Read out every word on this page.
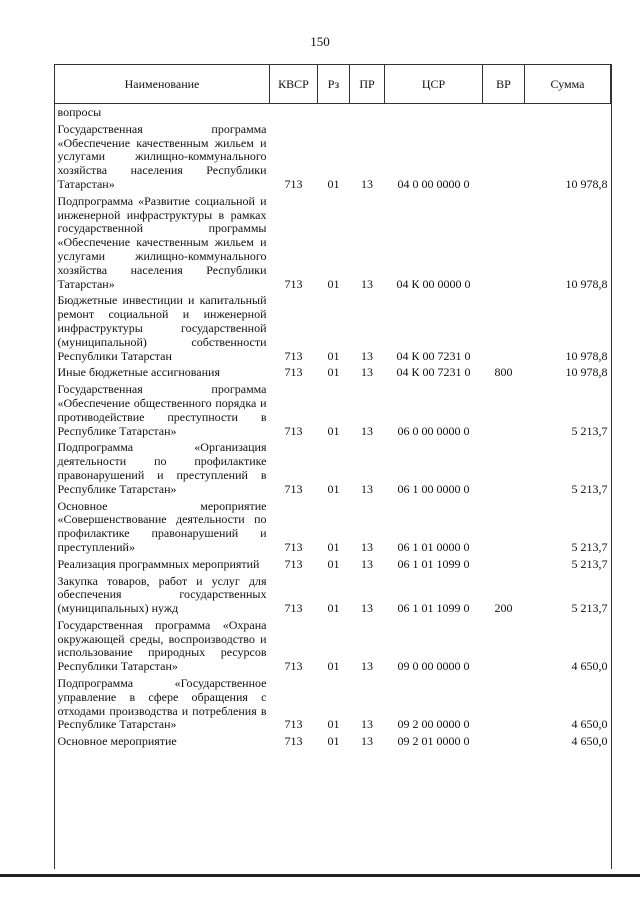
150
Наименование	КВСР	Рз	ПР	ЦСР	ВР	Сумма
вопросы						
Государственная программа «Обеспечение качественным жильем и услугами жилищно-коммунального хозяйства населения Республики Татарстан»	713	01	13	04 0 00 0000 0		10 978,8
Подпрограмма «Развитие социальной и инженерной инфраструктуры в рамках государственной программы «Обеспечение качественным жильем и услугами жилищно-коммунального хозяйства населения Республики Татарстан»	713	01	13	04 К 00 0000 0		10 978,8
Бюджетные инвестиции и капитальный ремонт социальной и инженерной инфраструктуры государственной (муниципальной) собственности Республики Татарстан	713	01	13	04 К 00 7231 0		10 978,8
Иные бюджетные ассигнования	713	01	13	04 К 00 7231 0	800	10 978,8
Государственная программа «Обеспечение общественного порядка и противодействие преступности в Республике Татарстан»	713	01	13	06 0 00 0000 0		5 213,7
Подпрограмма «Организация деятельности по профилактике правонарушений и преступлений в Республике Татарстан»	713	01	13	06 1 00 0000 0		5 213,7
Основное мероприятие «Совершенствование деятельности по профилактике правонарушений и преступлений»	713	01	13	06 1 01 0000 0		5 213,7
Реализация программных мероприятий	713	01	13	06 1 01 1099 0		5 213,7
Закупка товаров, работ и услуг для обеспечения государственных (муниципальных) нужд	713	01	13	06 1 01 1099 0	200	5 213,7
Государственная программа «Охрана окружающей среды, воспроизводство и использование природных ресурсов Республики Татарстан»	713	01	13	09 0 00 0000 0		4 650,0
Подпрограмма «Государственное управление в сфере обращения с отходами производства и потребления в Республике Татарстан»	713	01	13	09 2 00 0000 0		4 650,0
Основное мероприятие	713	01	13	09 2 01 0000 0		4 650,0
